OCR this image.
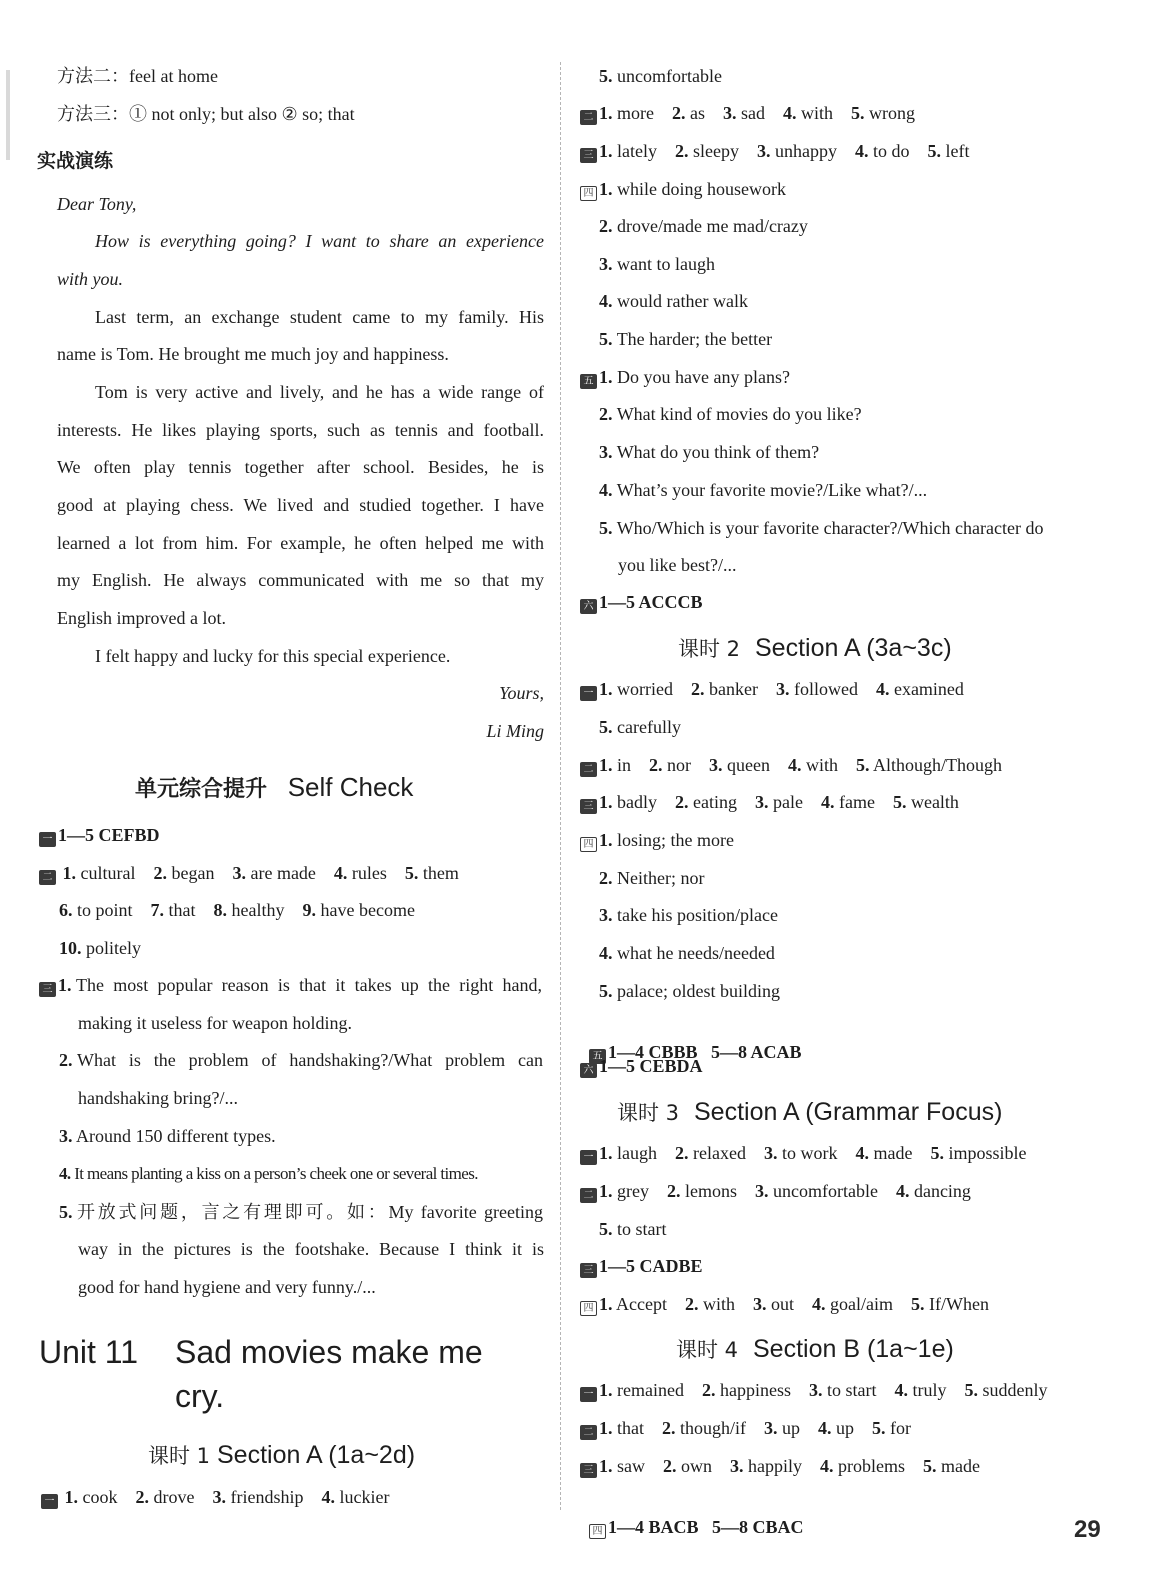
方法二：feel at home
方法三：① not only; but also ② so; that
实战演练
Dear Tony,
How is everything going? I want to share an experience
with you.
Last term, an exchange student came to my family. His
name is Tom. He brought me much joy and happiness.
Tom is very active and lively, and he has a wide range of
interests. He likes playing sports, such as tennis and football.
We often play tennis together after school. Besides, he is
good at playing chess. We lived and studied together. I have
learned a lot from him. For example, he often helped me with
my English. He always communicated with me so that my
English improved a lot.
I felt happy and lucky for this special experience.
Yours,
Li Ming
单元综合提升 Self Check
一 1—5 CEFBD
二 1. cultural 2. began 3. are made 4. rules 5. them
6. to point 7. that 8. healthy 9. have become
10. politely
三 1. The most popular reason is that it takes up the right hand,
making it useless for weapon holding.
2. What is the problem of handshaking?/What problem can
handshaking bring?/...
3. Around 150 different types.
4. It means planting a kiss on a person’s cheek one or several times.
5. 开放式问题，言之有理即可。如：My favorite greeting
way in the pictures is the footshake. Because I think it is
good for hand hygiene and very funny./...
Unit 11 Sad movies make me
cry.
课时 1 Section A (1a~2d)
一 1. cook 2. drove 3. friendship 4. luckier
5. uncomfortable
二 1. more 2. as 3. sad 4. with 5. wrong
三 1. lately 2. sleepy 3. unhappy 4. to do 5. left
四 1. while doing housework
2. drove/made me mad/crazy
3. want to laugh
4. would rather walk
5. The harder; the better
五 1. Do you have any plans?
2. What kind of movies do you like?
3. What do you think of them?
4. What’s your favorite movie?/Like what?/...
5. Who/Which is your favorite character?/Which character do
you like best?/...
六 1—5 ACCCB
课时 2 Section A (3a~3c)
一 1. worried 2. banker 3. followed 4. examined
5. carefully
二 1. in 2. nor 3. queen 4. with 5. Although/Though
三 1. badly 2. eating 3. pale 4. fame 5. wealth
四 1. losing; the more
2. Neither; nor
3. take his position/place
4. what he needs/needed
5. palace; oldest building

五 1—4 CBBB   5—8 ACAB

六 1—5 CEBDA
课时 3 Section A (Grammar Focus)
一 1. laugh 2. relaxed 3. to work 4. made 5. impossible
二 1. grey 2. lemons 3. uncomfortable 4. dancing
5. to start
三 1—5 CADBE
四 1. Accept 2. with 3. out 4. goal/aim 5. If/When
课时 4 Section B (1a~1e)
一 1. remained 2. happiness 3. to start 4. truly 5. suddenly
二 1. that 2. though/if 3. up 4. up 5. for
三 1. saw 2. own 3. happily 4. problems 5. made

四 1—4 BACB   5—8 CBAC	29
